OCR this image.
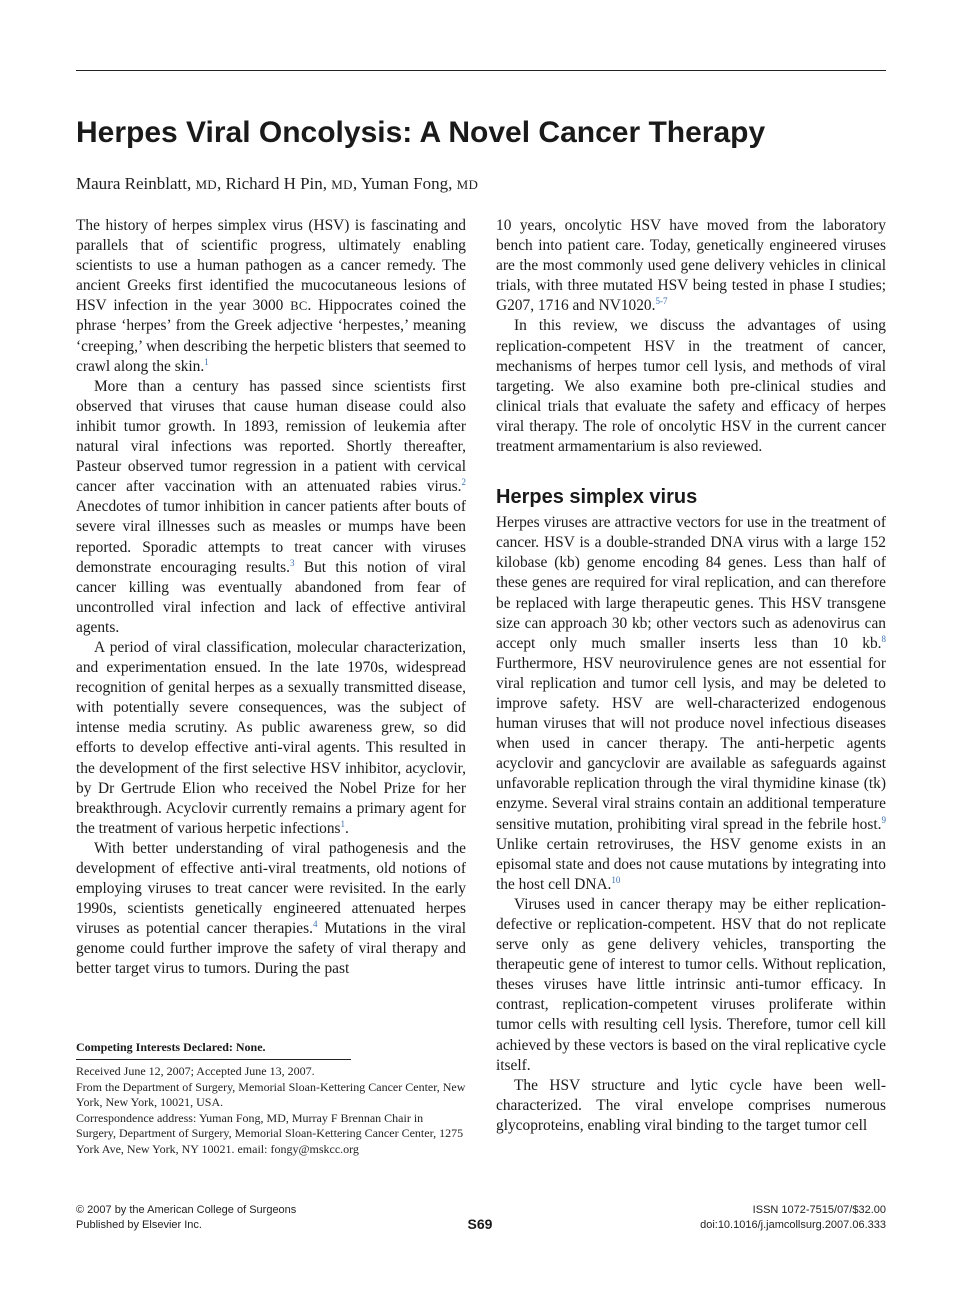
Herpes Viral Oncolysis: A Novel Cancer Therapy
Maura Reinblatt, MD, Richard H Pin, MD, Yuman Fong, MD

The history of herpes simplex virus (HSV) is fascinating and parallels that of scientific progress, ultimately enabling scientists to use a human pathogen as a cancer remedy. The ancient Greeks first identified the mucocutaneous lesions of HSV infection in the year 3000 BC. Hippocrates coined the phrase ‘herpes’ from the Greek adjective ‘herpestes,’ meaning ‘creeping,’ when describing the herpetic blisters that seemed to crawl along the skin.$^1$

More than a century has passed since scientists first observed that viruses that cause human disease could also inhibit tumor growth. In 1893, remission of leukemia after natural viral infections was reported. Shortly thereafter, Pasteur observed tumor regression in a patient with cervical cancer after vaccination with an attenuated rabies virus.$^2$ Anecdotes of tumor inhibition in cancer patients after bouts of severe viral illnesses such as measles or mumps have been reported. Sporadic attempts to treat cancer with viruses demonstrate encouraging results.$^3$ But this notion of viral cancer killing was eventually abandoned from fear of uncontrolled viral infection and lack of effective antiviral agents.

A period of viral classification, molecular characterization, and experimentation ensued. In the late 1970s, widespread recognition of genital herpes as a sexually transmitted disease, with potentially severe consequences, was the subject of intense media scrutiny. As public awareness grew, so did efforts to develop effective anti-viral agents. This resulted in the development of the first selective HSV inhibitor, acyclovir, by Dr Gertrude Elion who received the Nobel Prize for her breakthrough. Acyclovir currently remains a primary agent for the treatment of various herpetic infections$^1$.

With better understanding of viral pathogenesis and the development of effective anti-viral treatments, old notions of employing viruses to treat cancer were revisited. In the early 1990s, scientists genetically engineered attenuated herpes viruses as potential cancer therapies.$^4$ Mutations in the viral genome could further improve the safety of viral therapy and better target virus to tumors. During the past

10 years, oncolytic HSV have moved from the laboratory bench into patient care. Today, genetically engineered viruses are the most commonly used gene delivery vehicles in clinical trials, with three mutated HSV being tested in phase I studies; G207, 1716 and NV1020.$^{5-7}$

In this review, we discuss the advantages of using replication-competent HSV in the treatment of cancer, mechanisms of herpes tumor cell lysis, and methods of viral targeting. We also examine both pre-clinical studies and clinical trials that evaluate the safety and efficacy of herpes viral therapy. The role of oncolytic HSV in the current cancer treatment armamentarium is also reviewed.

Herpes simplex virus

Herpes viruses are attractive vectors for use in the treatment of cancer. HSV is a double-stranded DNA virus with a large 152 kilobase (kb) genome encoding 84 genes. Less than half of these genes are required for viral replication, and can therefore be replaced with large therapeutic genes. This HSV transgene size can approach 30 kb; other vectors such as adenovirus can accept only much smaller inserts less than 10 kb.$^8$ Furthermore, HSV neurovirulence genes are not essential for viral replication and tumor cell lysis, and may be deleted to improve safety. HSV are well-characterized endogenous human viruses that will not produce novel infectious diseases when used in cancer therapy. The anti-herpetic agents acyclovir and gancyclovir are available as safeguards against unfavorable replication through the viral thymidine kinase (tk) enzyme. Several viral strains contain an additional temperature sensitive mutation, prohibiting viral spread in the febrile host.$^9$ Unlike certain retroviruses, the HSV genome exists in an episomal state and does not cause mutations by integrating into the host cell DNA.$^{10}$

Viruses used in cancer therapy may be either replication-defective or replication-competent. HSV that do not replicate serve only as gene delivery vehicles, transporting the therapeutic gene of interest to tumor cells. Without replication, theses viruses have little intrinsic anti-tumor efficacy. In contrast, replication-competent viruses proliferate within tumor cells with resulting cell lysis. Therefore, tumor cell kill achieved by these vectors is based on the viral replicative cycle itself.

The HSV structure and lytic cycle have been well-characterized. The viral envelope comprises numerous glycoproteins, enabling viral binding to the target tumor cell

Competing Interests Declared: None.

Received June 12, 2007; Accepted June 13, 2007.

From the Department of Surgery, Memorial Sloan-Kettering Cancer Center, New York, New York, 10021, USA.

Correspondence address: Yuman Fong, MD, Murray F Brennan Chair in Surgery, Department of Surgery, Memorial Sloan-Kettering Cancer Center, 1275 York Ave, New York, NY 10021. email: fongy@mskcc.org

© 2007 by the American College of Surgeons
Published by Elsevier Inc.	S69
ISSN 1072-7515/07/$32.00
doi:10.1016/j.jamcollsurg.2007.06.333
